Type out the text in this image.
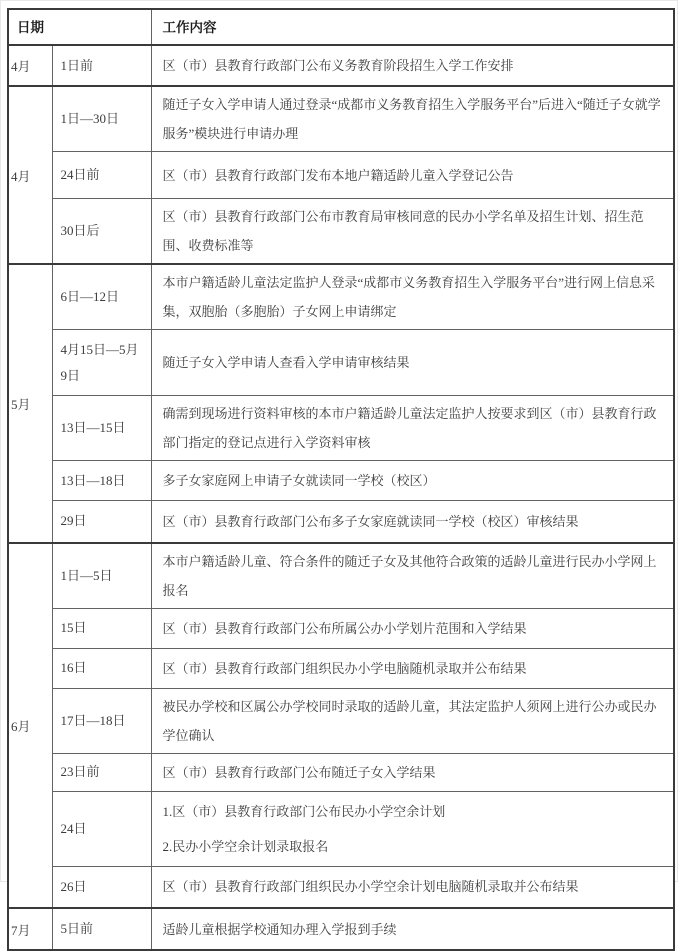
日期		工作内容
4月	1日前	区（市）县教育行政部门公布义务教育阶段招生入学工作安排
4月	1日—30日	随迁子女入学申请人通过登录“成都市义务教育招生入学服务平台”后进入“随迁子女就学服务”模块进行申请办理
	24日前	区（市）县教育行政部门发布本地户籍适龄儿童入学登记公告
	30日后	区（市）县教育行政部门公布市教育局审核同意的民办小学名单及招生计划、招生范围、收费标准等
5月	6日—12日	本市户籍适龄儿童法定监护人登录“成都市义务教育招生入学服务平台”进行网上信息采集，双胞胎（多胞胎）子女网上申请绑定
	4月15日—5月9日	随迁子女入学申请人查看入学申请审核结果
	13日—15日	确需到现场进行资料审核的本市户籍适龄儿童法定监护人按要求到区（市）县教育行政部门指定的登记点进行入学资料审核
	13日—18日	多子女家庭网上申请子女就读同一学校（校区）
	29日	区（市）县教育行政部门公布多子女家庭就读同一学校（校区）审核结果
6月	1日—5日	本市户籍适龄儿童、符合条件的随迁子女及其他符合政策的适龄儿童进行民办小学网上报名
	15日	区（市）县教育行政部门公布所属公办小学划片范围和入学结果
	16日	区（市）县教育行政部门组织民办小学电脑随机录取并公布结果
	17日—18日	被民办学校和区属公办学校同时录取的适龄儿童，其法定监护人须网上进行公办或民办学位确认
	23日前	区（市）县教育行政部门公布随迁子女入学结果
	24日	1.区（市）县教育行政部门公布民办小学空余计划
2.民办小学空余计划录取报名

	26日	区（市）县教育行政部门组织民办小学空余计划电脑随机录取并公布结果
7月	5日前	适龄儿童根据学校通知办理入学报到手续
